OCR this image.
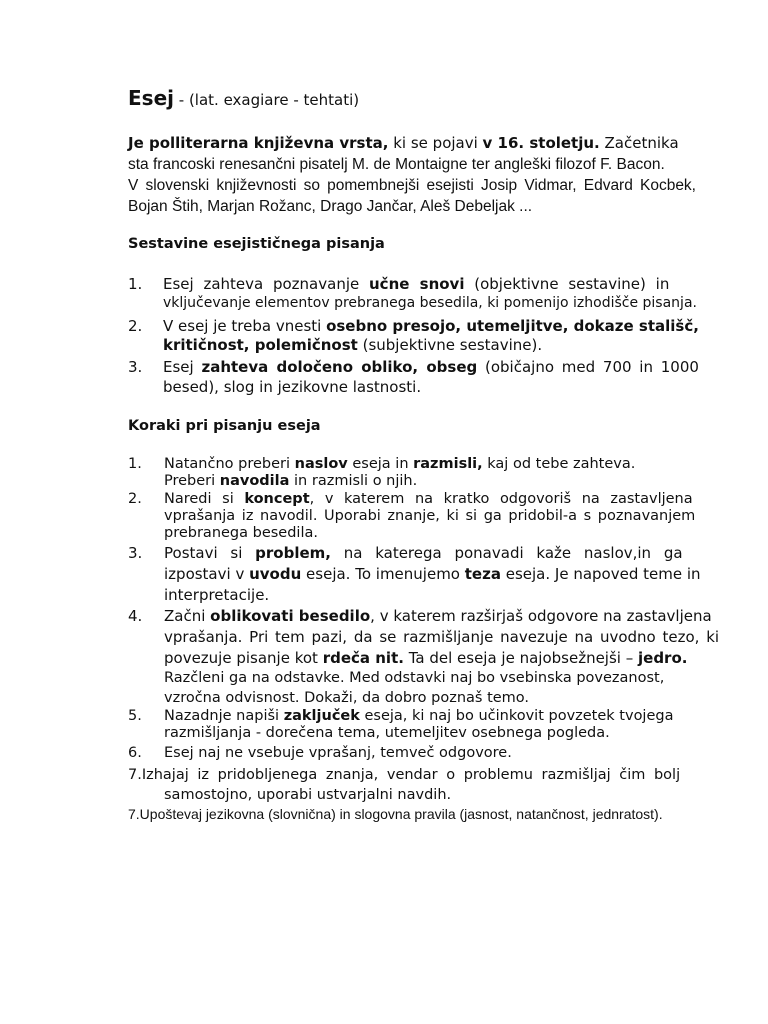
Esej - (lat. exagiare - tehtati)
Je polliterarna književna vrsta, ki se pojavi v 16. stoletju. Začetnika
sta francoski renesančni pisatelj M. de Montaigne ter angleški filozof F. Bacon.
V slovenski književnosti so pomembnejši esejisti Josip Vidmar, Edvard Kocbek,
Bojan Štih, Marjan Rožanc, Drago Jančar, Aleš Debeljak ...
Sestavine esejističnega pisanja
1. Esej zahteva poznavanje učne snovi (objektivne sestavine) in
vključevanje elementov prebranega besedila, ki pomenijo izhodišče pisanja.
2. V esej je treba vnesti osebno presojo, utemeljitve, dokaze stališč,
kritičnost, polemičnost (subjektivne sestavine).
3. Esej zahteva določeno obliko, obseg (običajno med 700 in 1000
besed), slog in jezikovne lastnosti.
Koraki pri pisanju eseja
1. Natančno preberi naslov eseja in razmisli, kaj od tebe zahteva.
Preberi navodila in razmisli o njih.
2. Naredi si koncept, v katerem na kratko odgovoriš na zastavljena
vprašanja iz navodil. Uporabi znanje, ki si ga pridobil-a s poznavanjem
prebranega besedila.
3. Postavi si problem, na katerega ponavadi kaže naslov,in ga
izpostavi v uvodu eseja. To imenujemo teza eseja. Je napoved teme in
interpretacije.
4. Začni oblikovati besedilo, v katerem razširjaš odgovore na zastavljena
vprašanja. Pri tem pazi, da se razmišljanje navezuje na uvodno tezo, ki
povezuje pisanje kot rdeča nit. Ta del eseja je najobsežnejši – jedro.
Razčleni ga na odstavke. Med odstavki naj bo vsebinska povezanost,
vzročna odvisnost. Dokaži, da dobro poznaš temo.
5. Nazadnje napiši zaključek eseja, ki naj bo učinkovit povzetek tvojega
razmišljanja - dorečena tema, utemeljitev osebnega pogleda.
6. Esej naj ne vsebuje vprašanj, temveč odgovore.
7.Izhajaj iz pridobljenega znanja, vendar o problemu razmišljaj čim bolj
samostojno, uporabi ustvarjalni navdih.
7.Upoštevaj jezikovna (slovnična) in slogovna pravila (jasnost, natančnost, jednratost).
